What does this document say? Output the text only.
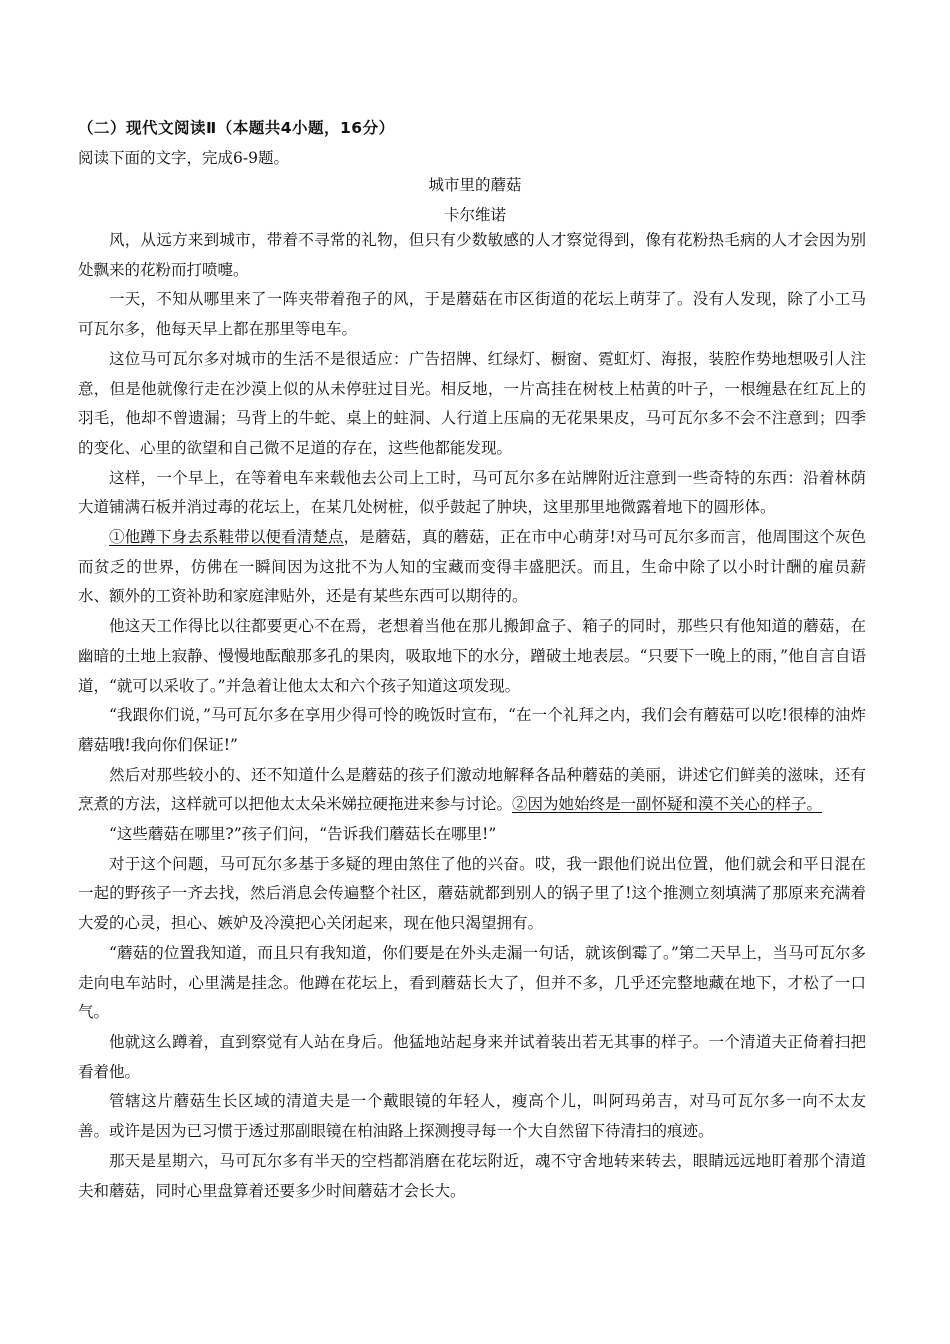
（二）现代文阅读Ⅱ（本题共4小题，16分）
阅读下面的文字，完成6-9题。
城市里的蘑菇
卡尔维诺

风，从远方来到城市，带着不寻常的礼物，但只有少数敏感的人才察觉得到，像有花粉热毛病的人才会因为别处飘来的花粉而打喷嚏。

一天，不知从哪里来了一阵夹带着孢子的风，于是蘑菇在市区街道的花坛上萌芽了。没有人发现，除了小工马可瓦尔多，他每天早上都在那里等电车。

这位马可瓦尔多对城市的生活不是很适应：广告招牌、红绿灯、橱窗、霓虹灯、海报，装腔作势地想吸引人注意，但是他就像行走在沙漠上似的从未停驻过目光。相反地，一片高挂在树枝上枯黄的叶子，一根缠悬在红瓦上的羽毛，他却不曾遗漏；马背上的牛蛇、桌上的蛀洞、人行道上压扁的无花果果皮，马可瓦尔多不会不注意到；四季的变化、心里的欲望和自己微不足道的存在，这些他都能发现。

这样，一个早上，在等着电车来载他去公司上工时，马可瓦尔多在站牌附近注意到一些奇特的东西：沿着林荫大道铺满石板并消过毒的花坛上，在某几处树桩，似乎鼓起了肿块，这里那里地微露着地下的圆形体。

①他蹲下身去系鞋带以便看清楚点，是蘑菇，真的蘑菇，正在市中心萌芽!对马可瓦尔多而言，他周围这个灰色而贫乏的世界，仿佛在一瞬间因为这批不为人知的宝藏而变得丰盛肥沃。而且，生命中除了以小时计酬的雇员薪水、额外的工资补助和家庭津贴外，还是有某些东西可以期待的。

他这天工作得比以往都要更心不在焉，老想着当他在那儿搬卸盒子、箱子的同时，那些只有他知道的蘑菇，在幽暗的土地上寂静、慢慢地酝酿那多孔的果肉，吸取地下的水分，蹭破土地表层。“只要下一晚上的雨，”他自言自语道，“就可以采收了。”并急着让他太太和六个孩子知道这项发现。

“我跟你们说，”马可瓦尔多在享用少得可怜的晚饭时宣布，“在一个礼拜之内，我们会有蘑菇可以吃!很棒的油炸蘑菇哦!我向你们保证!”

然后对那些较小的、还不知道什么是蘑菇的孩子们激动地解释各品种蘑菇的美丽，讲述它们鲜美的滋味，还有烹煮的方法，这样就可以把他太太朵米娣拉硬拖进来参与讨论。②因为她始终是一副怀疑和漠不关心的样子。

“这些蘑菇在哪里?”孩子们问，“告诉我们蘑菇长在哪里!”

对于这个问题，马可瓦尔多基于多疑的理由煞住了他的兴奋。哎，我一跟他们说出位置，他们就会和平日混在一起的野孩子一齐去找，然后消息会传遍整个社区，蘑菇就都到别人的锅子里了!这个推测立刻填满了那原来充满着大爱的心灵，担心、嫉妒及冷漠把心关闭起来，现在他只渴望拥有。

“蘑菇的位置我知道，而且只有我知道，你们要是在外头走漏一句话，就该倒霉了。”第二天早上，当马可瓦尔多走向电车站时，心里满是挂念。他蹲在花坛上，看到蘑菇长大了，但并不多，几乎还完整地藏在地下，才松了一口气。

他就这么蹲着，直到察觉有人站在身后。他猛地站起身来并试着装出若无其事的样子。一个清道夫正倚着扫把看着他。

管辖这片蘑菇生长区域的清道夫是一个戴眼镜的年轻人，瘦高个儿，叫阿玛弟吉，对马可瓦尔多一向不太友善。或许是因为已习惯于透过那副眼镜在柏油路上探测搜寻每一个大自然留下待清扫的痕迹。

那天是星期六，马可瓦尔多有半天的空档都消磨在花坛附近，魂不守舍地转来转去，眼睛远远地盯着那个清道夫和蘑菇，同时心里盘算着还要多少时间蘑菇才会长大。
